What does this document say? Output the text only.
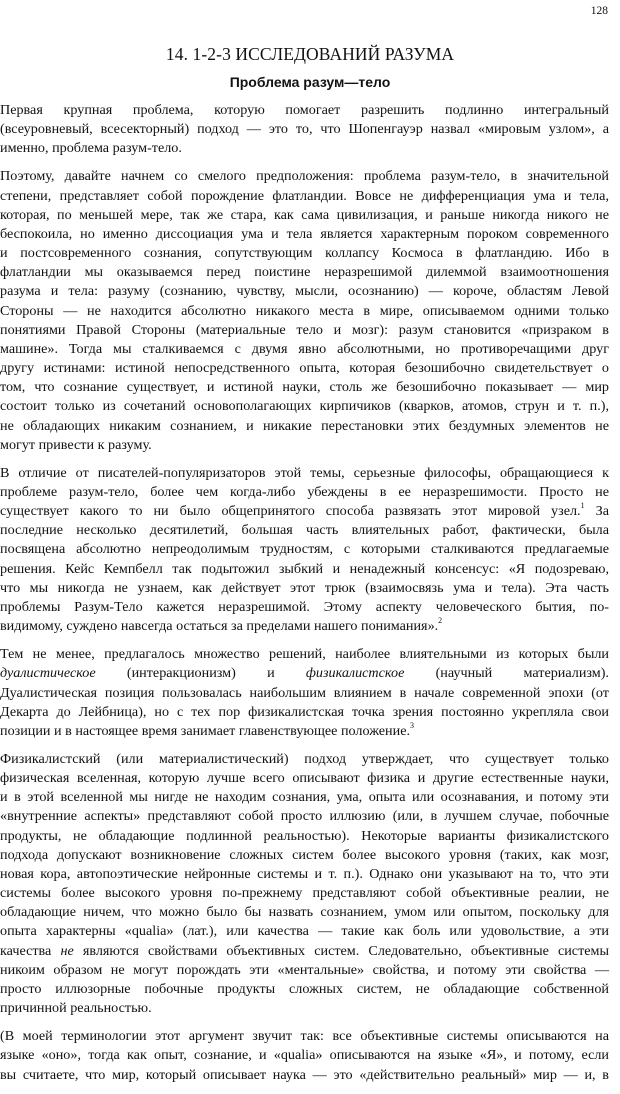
128
14. 1-2-3 ИССЛЕДОВАНИЙ РАЗУМА
Проблема разум—тело

Первая крупная проблема, которую помогает разрешить подлинно интегральный
(всеуровневый, всесекторный) подход — это то, что Шопенгауэр назвал «мировым узлом», а
именно, проблема разум-тело.

Поэтому, давайте начнем со смелого предположения: проблема разум-тело, в значительной
степени, представляет собой порождение флатландии. Вовсе не дифференциация ума и тела,
которая, по меньшей мере, так же стара, как сама цивилизация, и раньше никогда никого не
беспокоила, но именно диссоциация ума и тела является характерным пороком современного
и постсовременного сознания, сопутствующим коллапсу Космоса в флатландию. Ибо в
флатландии мы оказываемся перед поистине неразрешимой дилеммой взаимоотношения
разума и тела: разуму (сознанию, чувству, мысли, осознанию) — короче, областям Левой
Стороны — не находится абсолютно никакого места в мире, описываемом одними только
понятиями Правой Стороны (материальные тело и мозг): разум становится «призраком в
машине». Тогда мы сталкиваемся с двумя явно абсолютными, но противоречащими друг
другу истинами: истиной непосредственного опыта, которая безошибочно свидетельствует о
том, что сознание существует, и истиной науки, столь же безошибочно показывает — мир
состоит только из сочетаний основополагающих кирпичиков (кварков, атомов, струн и т. п.),
не обладающих никаким сознанием, и никакие перестановки этих бездумных элементов не
могут привести к разуму.

В отличие от писателей-популяризаторов этой темы, серьезные философы, обращающиеся к
проблеме разум-тело, более чем когда-либо убеждены в ее неразрешимости. Просто не
существует какого то ни было общепринятого способа развязать этот мировой узел.$^1$ За
последние несколько десятилетий, большая часть влиятельных работ, фактически, была
посвящена абсолютно непреодолимым трудностям, с которыми сталкиваются предлагаемые
решения. Кейс Кемпбелл так подытожил зыбкий и ненадежный консенсус: «Я подозреваю,
что мы никогда не узнаем, как действует этот трюк (взаимосвязь ума и тела). Эта часть
проблемы Разум-Тело кажется неразрешимой. Этому аспекту человеческого бытия, по-
видимому, суждено навсегда остаться за пределами нашего понимания».$^2$

Тем не менее, предлагалось множество решений, наиболее влиятельными из которых были
дуалистическое (интеракционизм) и физикалистское (научный материализм).
Дуалистическая позиция пользовалась наибольшим влиянием в начале современной эпохи (от
Декарта до Лейбница), но с тех пор физикалистская точка зрения постоянно укрепляла свои
позиции и в настоящее время занимает главенствующее положение.$^3$

Физикалистский (или материалистический) подход утверждает, что существует только
физическая вселенная, которую лучше всего описывают физика и другие естественные науки,
и в этой вселенной мы нигде не находим сознания, ума, опыта или осознавания, и потому эти
«внутренние аспекты» представляют собой просто иллюзию (или, в лучшем случае, побочные
продукты, не обладающие подлинной реальностью). Некоторые варианты физикалистского
подхода допускают возникновение сложных систем более высокого уровня (таких, как мозг,
новая кора, автопоэтические нейронные системы и т. п.). Однако они указывают на то, что эти
системы более высокого уровня по-прежнему представляют собой объективные реалии, не
обладающие ничем, что можно было бы назвать сознанием, умом или опытом, поскольку для
опыта характерны «qualia» (лат.), или качества — такие как боль или удовольствие, а эти
качества не являются свойствами объективных систем. Следовательно, объективные системы
никоим образом не могут порождать эти «ментальные» свойства, и потому эти свойства —
просто иллюзорные побочные продукты сложных систем, не обладающие собственной
причинной реальностью.

(В моей терминологии этот аргумент звучит так: все объективные системы описываются на
языке «оно», тогда как опыт, сознание, и «qualia» описываются на языке «Я», и потому, если
вы считаете, что мир, который описывает наука — это «действительно реальный» мир — и, в
